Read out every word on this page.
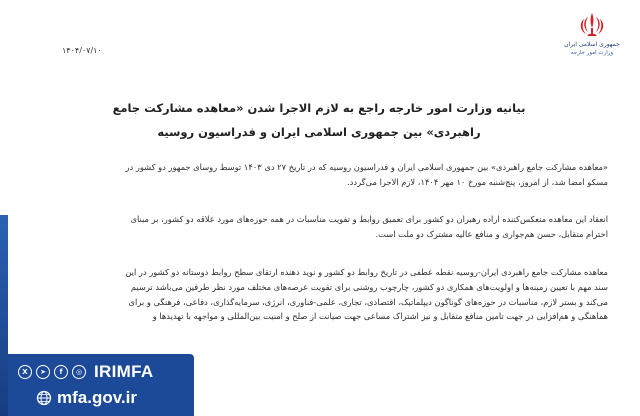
جمهوری اسلامی ایران
وزارت امور خارجه
۱۴۰۴/۰۷/۱۰
بیانیه وزارت امور خارجه راجع به لازم الاجرا شدن «معاهده مشارکت جامع راهبردی» بین جمهوری اسلامی ایران و فدراسیون روسیه
«معاهده مشارکت جامع راهبردی» بین جمهوری اسلامی ایران و فدراسیون روسیه که در تاریخ ۲۷ دی ۱۴۰۳ توسط روسای جمهور دو کشور در مسکو امضا شد، از امروز، پنج‌شنبه مورخ ۱۰ مهر ۱۴۰۴، لازم الاجرا می‌گردد.
انعقاد این معاهده منعکس‌کننده اراده رهبران دو کشور برای تعمیق روابط و تقویت مناسبات در همه حوزه‌های مورد علاقه دو کشور، بر مبنای احترام متقابل، حسن هم‌جواری و منافع عالیه مشترک دو ملت است.
معاهده مشارکت جامع راهبردی ایران-روسیه نقطه عطفی در تاریخ روابط دو کشور و نوید دهنده ارتقای سطح روابط دوستانه دو کشور در این سند مهم با تعیین زمینه‌ها و اولویت‌های همکاری دو کشور، چارچوب روشنی برای تقویت عرصه‌های مختلف مورد نظر طرفین می‌باشد ترسیم می‌کند و بستر لازم، مناسبات در حوزه‌های گوناگون دیپلماتیک، اقتصادی، تجاری، علمی-فناوری، انرژی، سرمایه‌گذاری، دفاعی، فرهنگی و برای هماهنگی و هم‌افزایی در جهت تامین منافع متقابل و نیز اشتراک مساعی جهت صیانت از صلح و امنیت بین‌المللی و مواجهه با تهدیدها و
X	➤	f	◎ IRIMFA
mfa.gov.ir
